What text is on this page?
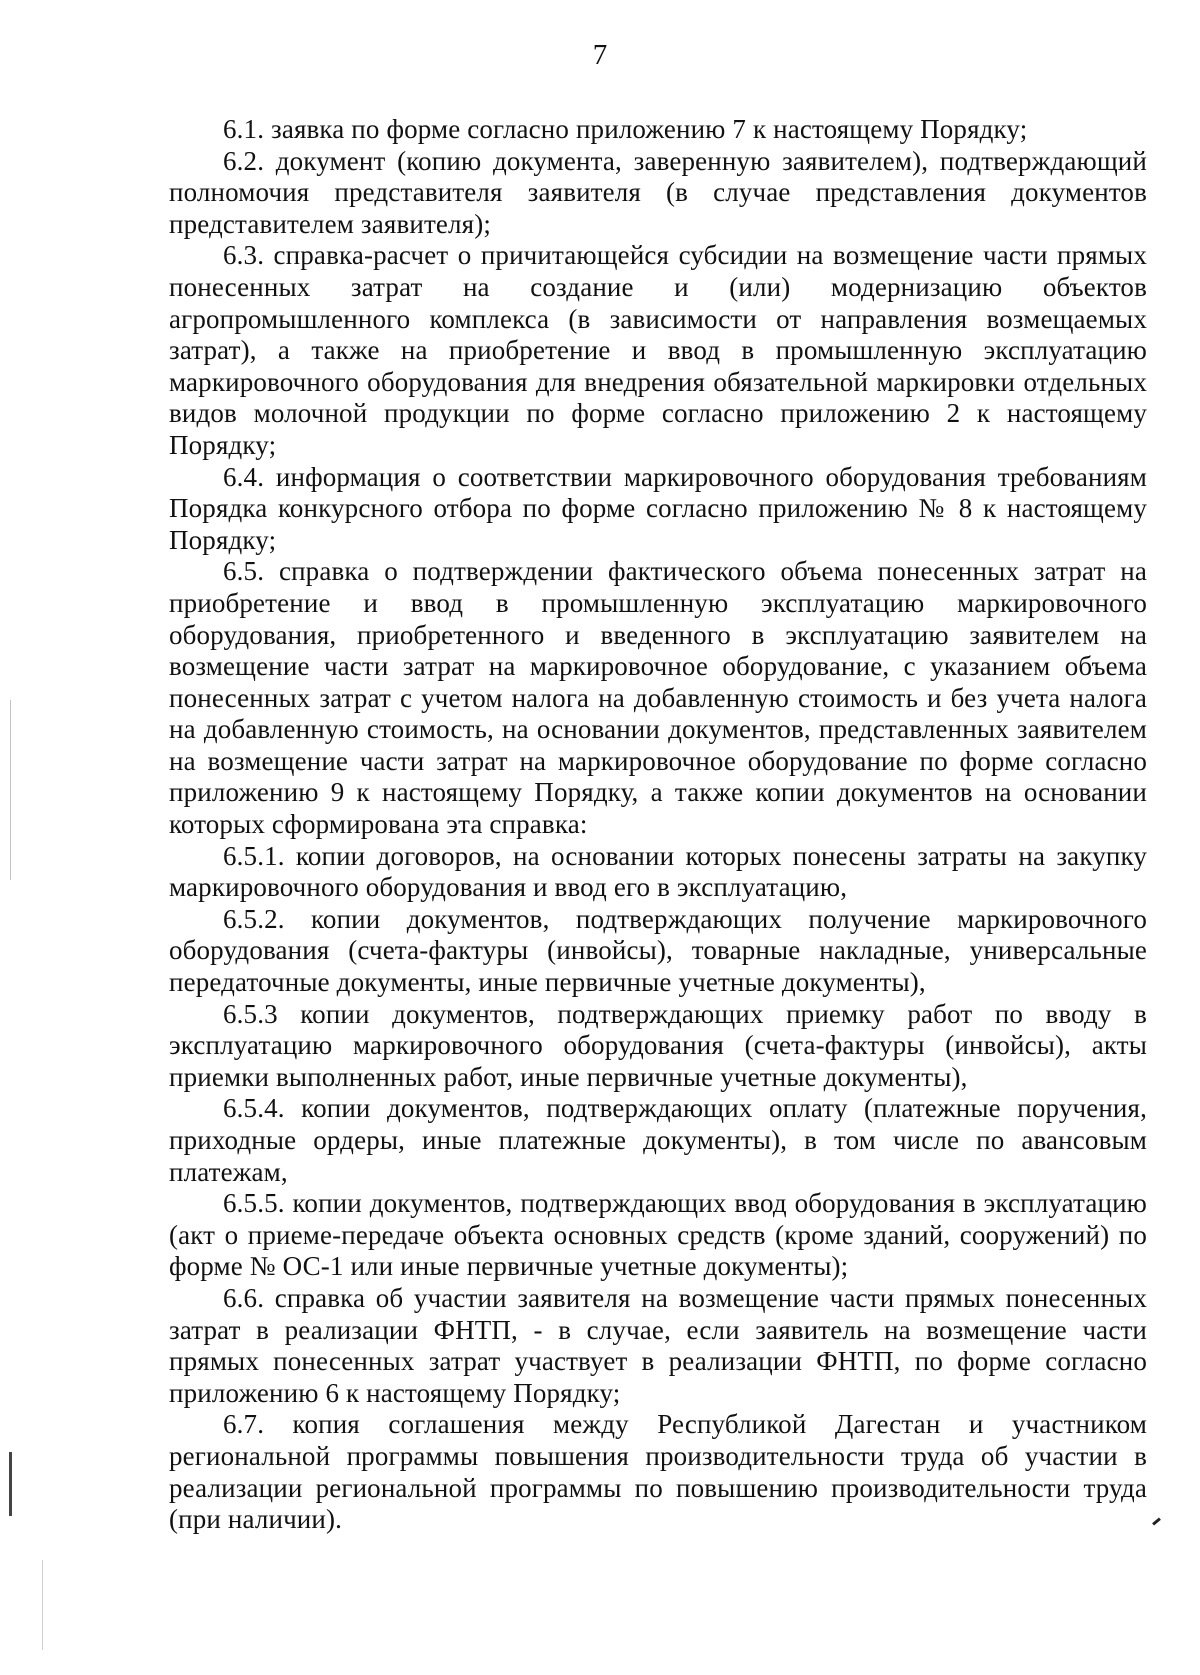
7

6.1. заявка по форме согласно приложению 7 к настоящему Порядку;

6.2. документ (копию документа, заверенную заявителем), подтверждающий полномочия представителя заявителя (в случае представления документов представителем заявителя);

6.3. справка-расчет о причитающейся субсидии на возмещение части прямых понесенных затрат на создание и (или) модернизацию объектов агропромышленного комплекса (в зависимости от направления возмещаемых затрат), а также на приобретение и ввод в промышленную эксплуатацию маркировочного оборудования для внедрения обязательной маркировки отдельных видов молочной продукции по форме согласно приложению 2 к настоящему Порядку;

6.4. информация о соответствии маркировочного оборудования требованиям Порядка конкурсного отбора по форме согласно приложению № 8 к настоящему Порядку;

6.5. справка о подтверждении фактического объема понесенных затрат на приобретение и ввод в промышленную эксплуатацию маркировочного оборудования, приобретенного и введенного в эксплуатацию заявителем на возмещение части затрат на маркировочное оборудование, с указанием объема понесенных затрат с учетом налога на добавленную стоимость и без учета налога на добавленную стоимость, на основании документов, представленных заявителем на возмещение части затрат на маркировочное оборудование по форме согласно приложению 9 к настоящему Порядку, а также копии документов на основании которых сформирована эта справка:

6.5.1. копии договоров, на основании которых понесены затраты на закупку маркировочного оборудования и ввод его в эксплуатацию,

6.5.2. копии документов, подтверждающих получение маркировочного оборудования (счета-фактуры (инвойсы), товарные накладные, универсальные передаточные документы, иные первичные учетные документы),

6.5.3 копии документов, подтверждающих приемку работ по вводу в эксплуатацию маркировочного оборудования (счета-фактуры (инвойсы), акты приемки выполненных работ, иные первичные учетные документы),

6.5.4. копии документов, подтверждающих оплату (платежные поручения, приходные ордеры, иные платежные документы), в том числе по авансовым платежам,

6.5.5. копии документов, подтверждающих ввод оборудования в эксплуатацию (акт о приеме-передаче объекта основных средств (кроме зданий, сооружений) по форме № ОС-1 или иные первичные учетные документы);

6.6. справка об участии заявителя на возмещение части прямых понесенных затрат в реализации ФНТП, - в случае, если заявитель на возмещение части прямых понесенных затрат участвует в реализации ФНТП, по форме согласно приложению 6 к настоящему Порядку;

6.7. копия соглашения между Республикой Дагестан и участником региональной программы повышения производительности труда об участии в реализации региональной программы по повышению производительности труда (при наличии).
